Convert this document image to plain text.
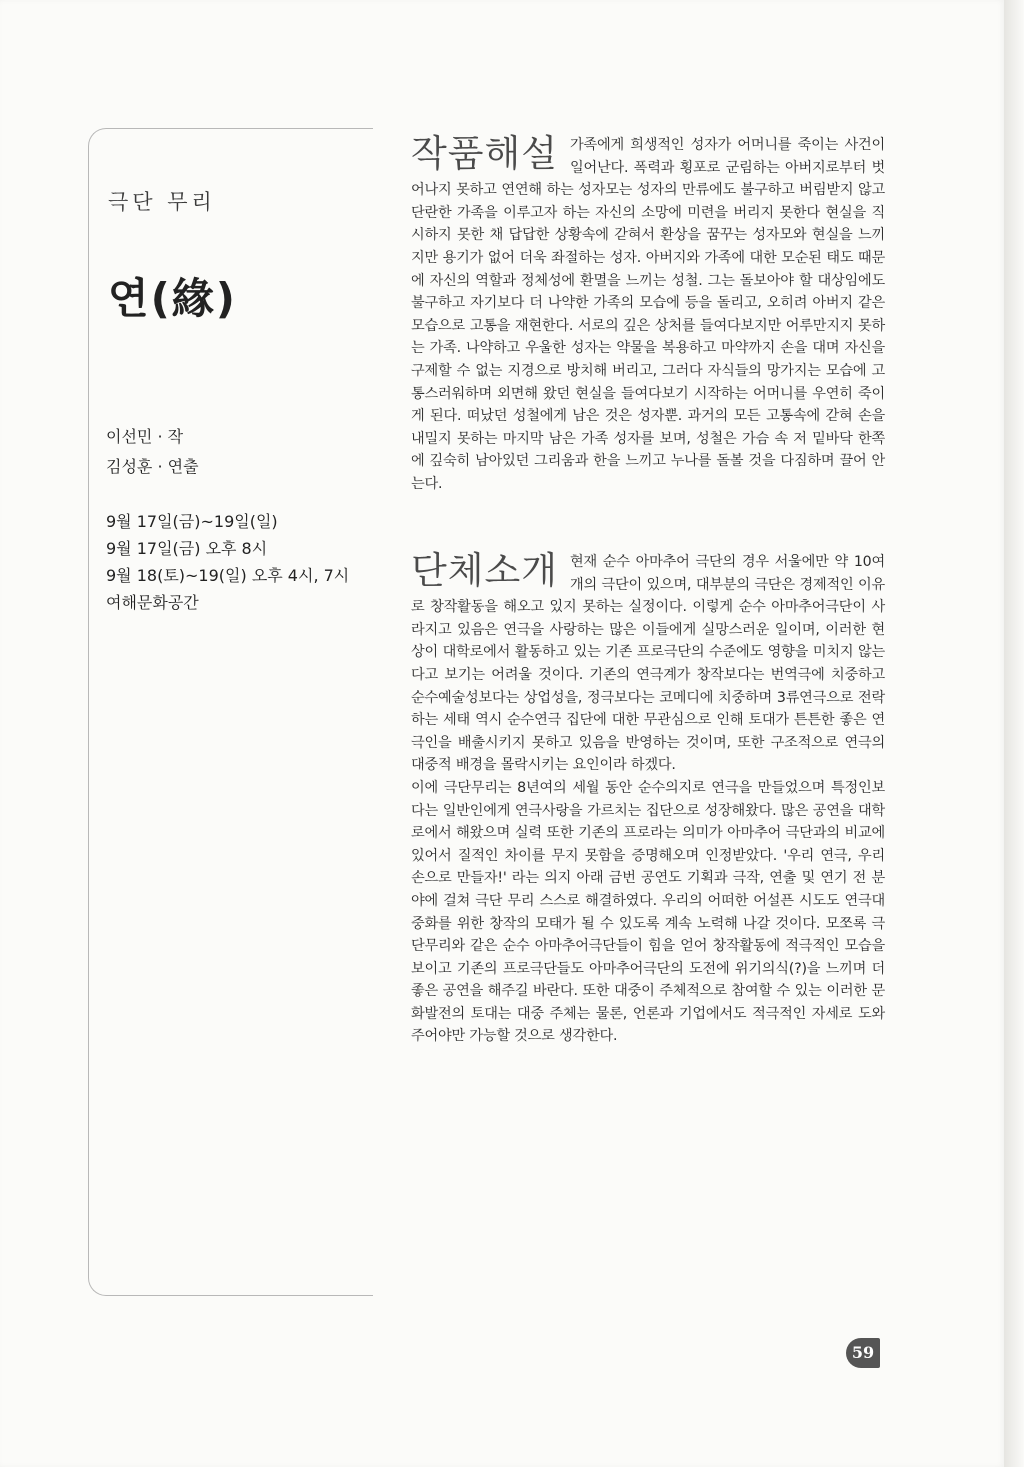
극단 무리
연(緣)
이선민 · 작
김성훈 · 연출
9월 17일(금)~19일(일)
9월 17일(금) 오후 8시
9월 18(토)~19(일) 오후 4시, 7시
여해문화공간
작품해설 가족에게 희생적인 성자가 어머니를 죽이는 사건이 일어난다. 폭력과 횡포로 군림하는 아버지로부터 벗어나지 못하고 연연해 하는 성자모는 성자의 만류에도 불구하고 버림받지 않고 단란한 가족을 이루고자 하는 자신의 소망에 미련을 버리지 못한다 현실을 직시하지 못한 채 답답한 상황속에 갇혀서 환상을 꿈꾸는 성자모와 현실을 느끼지만 용기가 없어 더욱 좌절하는 성자. 아버지와 가족에 대한 모순된 태도 때문에 자신의 역할과 정체성에 환멸을 느끼는 성철. 그는 돌보아야 할 대상임에도 불구하고 자기보다 더 나약한 가족의 모습에 등을 돌리고, 오히려 아버지 같은 모습으로 고통을 재현한다. 서로의 깊은 상처를 들여다보지만 어루만지지 못하는 가족. 나약하고 우울한 성자는 약물을 복용하고 마약까지 손을 대며 자신을 구제할 수 없는 지경으로 방치해 버리고, 그러다 자식들의 망가지는 모습에 고통스러워하며 외면해 왔던 현실을 들여다보기 시작하는 어머니를 우연히 죽이게 된다. 떠났던 성철에게 남은 것은 성자뿐. 과거의 모든 고통속에 갇혀 손을 내밀지 못하는 마지막 남은 가족 성자를 보며, 성철은 가슴 속 저 밑바닥 한쪽에 깊숙히 남아있던 그리움과 한을 느끼고 누나를 돌볼 것을 다짐하며 끌어 안는다.
단체소개 현재 순수 아마추어 극단의 경우 서울에만 약 10여개의 극단이 있으며, 대부분의 극단은 경제적인 이유로 창작활동을 해오고 있지 못하는 실정이다. 이렇게 순수 아마추어극단이 사라지고 있음은 연극을 사랑하는 많은 이들에게 실망스러운 일이며, 이러한 현상이 대학로에서 활동하고 있는 기존 프로극단의 수준에도 영향을 미치지 않는다고 보기는 어려울 것이다. 기존의 연극계가 창작보다는 번역극에 치중하고 순수예술성보다는 상업성을, 정극보다는 코메디에 치중하며 3류연극으로 전락하는 세태 역시 순수연극 집단에 대한 무관심으로 인해 토대가 튼튼한 좋은 연극인을 배출시키지 못하고 있음을 반영하는 것이며, 또한 구조적으로 연극의 대중적 배경을 몰락시키는 요인이라 하겠다.
이에 극단무리는 8년여의 세월 동안 순수의지로 연극을 만들었으며 특정인보다는 일반인에게 연극사랑을 가르치는 집단으로 성장해왔다. 많은 공연을 대학로에서 해왔으며 실력 또한 기존의 프로라는 의미가 아마추어 극단과의 비교에 있어서 질적인 차이를 무지 못함을 증명해오며 인정받았다. '우리 연극, 우리 손으로 만들자!' 라는 의지 아래 금번 공연도 기획과 극작, 연출 및 연기 전 분야에 걸쳐 극단 무리 스스로 해결하였다. 우리의 어떠한 어설픈 시도도 연극대중화를 위한 창작의 모태가 될 수 있도록 계속 노력해 나갈 것이다. 모쪼록 극단무리와 같은 순수 아마추어극단들이 힘을 얻어 창작활동에 적극적인 모습을 보이고 기존의 프로극단들도 아마추어극단의 도전에 위기의식(?)을 느끼며 더 좋은 공연을 해주길 바란다. 또한 대중이 주체적으로 참여할 수 있는 이러한 문화발전의 토대는 대중 주체는 물론, 언론과 기업에서도 적극적인 자세로 도와주어야만 가능할 것으로 생각한다.
59
